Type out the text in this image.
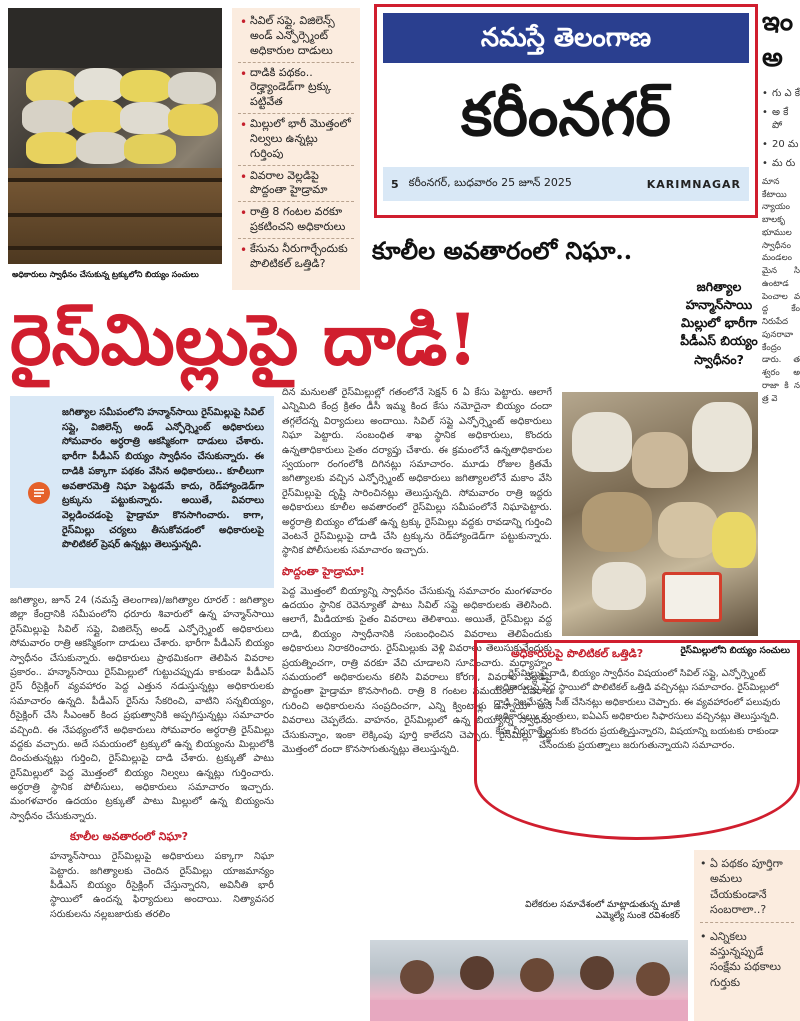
అధికారులు స్వాధీనం చేసుకున్న ట్రక్కులోని బియ్యం సంచులు
• సివిల్ సప్లై, విజిలెన్స్ అండ్ ఎన్ఫోర్స్మెంట్ అధికారుల దాడులు
• దాడికి పథకం.. రెడ్హ్యాండెడ్‌గా ట్రక్కు పట్టివేత
• మిల్లులో భారీ మొత్తంలో నిల్వలు ఉన్నట్లు గుర్తింపు
• వివరాల వెల్లడిపై పొద్దంతా హైడ్రామా
• రాత్రి 8 గంటల వరకూ ప్రకటించని అధికారులు
• కేసును నీరుగార్చేందుకు పొలిటికల్ ఒత్తిడి?
నమస్తే తెలంగాణ
కరీంనగర్
5 కరీంనగర్, బుధవారం 25 జూన్ 2025	KARIMNAGAR
ఇం అ
• గు ఎ కే
• అ కే పో
• 20 మ
• మ రు
మాన కేటాయి న్యాయం బాలకృ భూముల స్వాధీనం మండలం మైన సి ఉంటాడ పెంచాల వద్ద కేం నిరుపేద పునరావా కేంద్రం డారు. త శ్వరం అ రాజా కి నత్ర వె
కూలీల అవతారంలో నిఘా..
రైస్‌మిల్లుపై దాడి!
జగిత్యాల హన్మాన్‌సాయి మిల్లులో భారీగా పీడీఎస్ బియ్యం స్వాధీనం?
జగిత్యాల సమీపంలోని హన్మాన్‌సాయి రైస్‌మిల్లుపై సివిల్ సప్లై, విజిలెన్స్ అండ్ ఎన్ఫోర్స్మెంట్ అధికారులు సోమవారం అర్ధరాత్రి ఆకస్మికంగా దాడులు చేశారు. భారీగా పీడీఎస్ బియ్యం స్వాధీనం చేసుకున్నారు. ఈ దాడికి పక్కాగా పథకం వేసిన అధికారులు.. కూలీలుగా అవతారమెత్తి నిఘా పెట్టడమే కాదు, రెడ్‌హ్యాండెడ్‌గా ట్రక్కును పట్టుకున్నారు. అయితే, వివరాలు వెల్లడించడంపై హైడ్రామా కొనసాగించారు. కాగా, రైస్‌మిల్లు చర్యలు తీసుకోవడంలో అధికారులపై పొలిటికల్ ప్రెషర్ ఉన్నట్లు తెలుస్తున్నది.
జగిత్యాల, జూన్ 24 (నమస్తే తెలంగాణ)/జగిత్యాల రూరల్ : జగిత్యాల జిల్లా కేంద్రానికి సమీపంలోని ధరూరు శివారులో ఉన్న హన్మాన్‌సాయి రైస్‌మిల్లుపై సివిల్ సప్లై, విజిలెన్స్ అండ్ ఎన్ఫోర్స్మెంట్ అధికారులు సోమవారం రాత్రి ఆకస్మికంగా దాడులు చేశారు. భారీగా పీడీఎస్ బియ్యం స్వాధీనం చేసుకున్నారు. అధికారులు ప్రాథమికంగా తెలిపిన వివరాల ప్రకారం.. హన్మాన్‌సాయి రైస్‌మిల్లులో గుట్టుచప్పుడు కాకుండా పీడీఎస్ రైస్ రీసైక్లింగ్ వ్యవహారం పెద్ద ఎత్తున నడుస్తున్నట్లు అధికారులకు సమాచారం ఉన్నది. పీడీఎస్ రైస్‌ను సేకరించి, వాటిని సన్నబియ్యం, రీసైక్లింగ్ చేసి సీఎంఆర్ కింద ప్రభుత్వానికి అప్పగిస్తున్నట్లు సమాచారం వచ్చింది. ఈ నేపథ్యంలోనే అధికారులు సోమవారం అర్ధరాత్రి రైస్‌మిల్లు వద్దకు వచ్చారు. అదే సమయంలో ట్రక్కులో ఉన్న బియ్యంను మిల్లులోకి దించుతున్నట్లు గుర్తించి, రైస్‌మిల్లుపై దాడి చేశారు. ట్రక్కుతో పాటు రైస్‌మిల్లులో పెద్ద మొత్తంలో బియ్యం నిల్వలు ఉన్నట్లు గుర్తించారు. అర్ధరాత్రి స్థానిక పోలీసులు, అధికారులు సమాచారం ఇచ్చారు. మంగళవారం ఉదయం ట్రక్కుతో పాటు మిల్లులో ఉన్న బియ్యంను స్వాధీనం చేసుకున్నారు.
కూలీల అవతారంలో నిఘా?
హన్మాన్‌సాయి రైస్‌మిల్లుపై అధికారులు పక్కాగా నిఘా పెట్టారు. జగిత్యాలకు చెందిన రైస్‌మిల్లు యాజమాన్యం పీడీఎస్ బియ్యం రీసైక్లింగ్ చేస్తున్నారని, అవినీతి భారీ స్థాయిలో ఉందన్న ఫిర్యాదులు అందాయి. నిత్యావసర సరుకులను నల్లబజారుకు తరలిం
దిన మనులతో రైస్‌మిల్లుల్లో గతంలోనే సెక్షన్ 6 ఏ కేసు పెట్టారు. ఆలాగే ఎన్నిమిది కేంద్ర క్రితం డీసీ ఇమ్మ కింద కేసు నమోదైనా బియ్యం దందా తగ్గలేదన్న విర్యాదులు అందాయి. సివిల్ సప్లై ఎన్ఫోర్స్మెంట్ అధికారులు నిఘా పెట్టారు. సంబంధిత శాఖ స్థానిక అధికారులు, కొందరు ఉన్నతాధికారులు సైతం దర్యాప్తు చేశారు. ఈ క్రమంలోనే ఉన్నతాధికారుల స్వయంగా రంగంలోకి దిగినట్లు సమాచారం. మూడు రోజుల క్రితమే జగిత్యాలకు వచ్చిన ఎన్ఫోర్స్మెంట్ అధికారులు జగిత్యాలలోనే మకాం వేసి రైస్‌మిల్లుపై దృష్టి సారించినట్లు తెలుస్తున్నది. సోమవారం రాత్రి ఇద్దరు అధికారులు కూలీల అవతారంలో రైస్‌మిల్లు సమీపంలోనే నిఘాపెట్టారు. అర్ధరాత్రి బియ్యం లోడుతో ఉన్న ట్రక్కు రైస్‌మిల్లు వద్దకు రావడాన్ని గుర్తించి వెంటనే రైస్‌మిల్లుపై దాడి చేసి ట్రక్కును రెడ్‌హ్యాండెడ్‌గా పట్టుకున్నారు. స్థానిక పోలీసులకు సమాచారం ఇచ్చారు.
పొద్దంతా హైడ్రామా!
పెద్ద మొత్తంలో బియ్యాన్ని స్వాధీనం చేసుకున్న సమాచారం మంగళవారం ఉదయం స్థానిక రెవెన్యూతో పాటు సివిల్ సప్లై అధికారులకు తెలిసింది. ఆలాగే, మీడియాకు సైతం వివరాలు తెలిశాయి. అయితే, రైస్‌మిల్లు వద్ద దాడి, బియ్యం స్వాధీనానికి సంబంధించిన వివరాలు తెలిపేందుకు అధికారులు నిరాకరించారు. రైస్‌మిల్లుకు వెళ్లి వివరాలు తెలుసుకునేందుకు ప్రయత్నించగా, రాత్రి వరకూ వేచి చూడాలని సూచించారు. మధ్యాహ్నం సమయంలో అధికారులను కలిసి వివరాలు కోరగా, వివరాల వెల్లడిపై పొద్దంతా హైడ్రామా కొనసాగింది. రాత్రి 8 గంటల సమయంలో వివరాల గురించి అధికారులను సంప్రదించగా, ఎన్ని క్వింటాళ్లు ఉన్నాయో అనే వివరాలు చెప్పలేదు. వాహనం, రైస్‌మిల్లులో ఉన్న బియ్యాన్ని స్వాధీనం చేసుకున్నాం, ఇంకా లెక్కింపు పూర్తి కాలేదని చెప్పారు. రైస్‌మిల్లు పెద్ద మొత్తంలో దందా కొనసాగుతున్నట్లు తెలుస్తున్నది.
రైస్‌మిల్లులోని బియ్యం సంచులు
అధికారులపై పొలిటికల్ ఒత్తిడి?
రైస్‌మిల్లుపై దాడి, బియ్యం స్వాధీనం విషయంలో సివిల్ సప్లై, ఎన్ఫోర్స్మెంట్ అధికారులపై పెద్ద స్థాయిలో పొలిటికల్ ఒత్తిడి వచ్చినట్లు సమాచారం. రైస్‌మిల్లులో దాడి నిజమేనని, సీజ్ చేసినట్లు అధికారులు చెప్పారు. ఈ వ్యవహారంలో పలువురు అధికారులు, మంత్రులు, ఐఏఎస్ అధికారుల సిఫారసులు వచ్చినట్లు తెలుస్తున్నది. కేసు నీరుగార్చేందుకు కొందరు ప్రయత్నిస్తున్నారని, విషయాన్ని బయటకు రాకుండా చేసేందుకు ప్రయత్నాలు జరుగుతున్నాయని సమాచారం.
విలేకరుల సమావేశంలో మాట్లాడుతున్న మాజీ ఎమ్మెల్యే సుంకె రవిశంకర్
• ఏ పథకం పూర్తిగా అమలు చేయకుండానే సంబరాలా..?
• ఎన్నికలు వస్తున్నప్పుడే సంక్షేమ పథకాలు గుర్తుకు
